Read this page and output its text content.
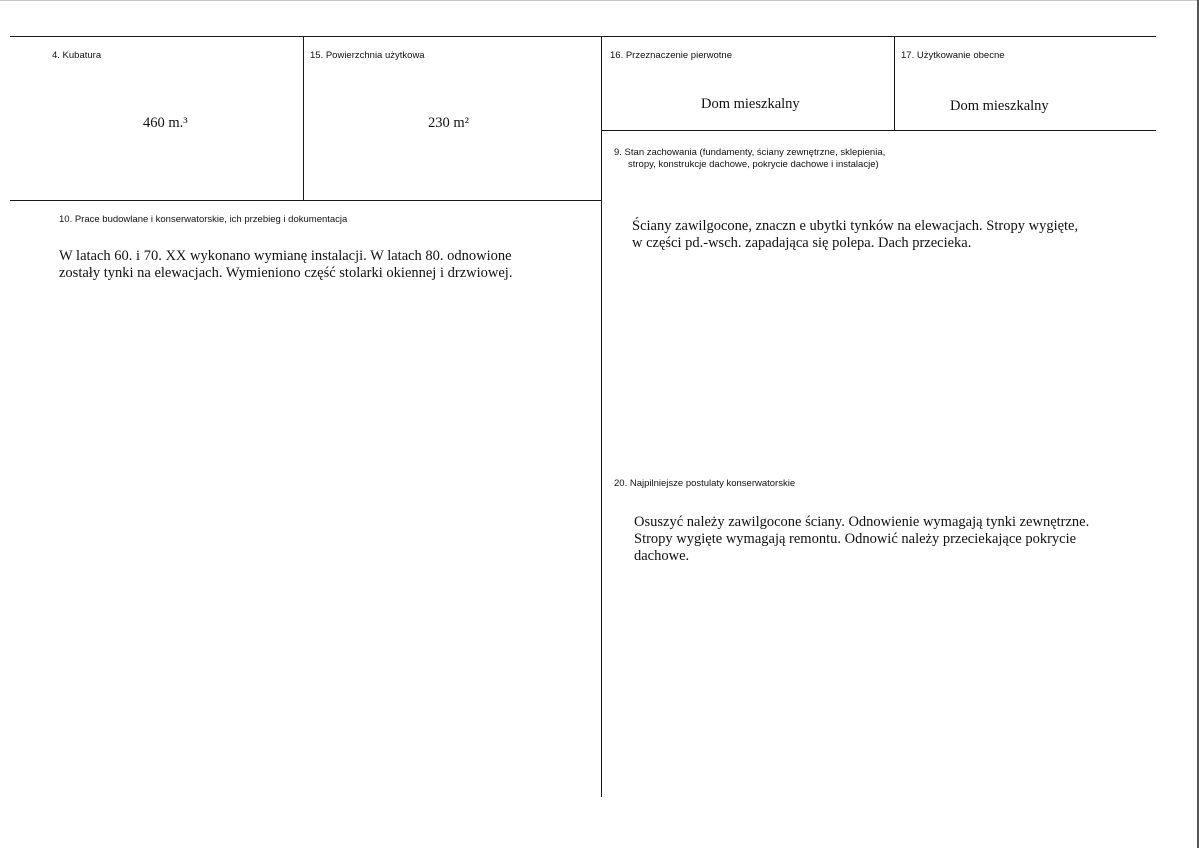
4. Kubatura
460 m.³
15. Powierzchnia użytkowa
230 m²
16. Przeznaczenie pierwotne
Dom mieszkalny
17. Użytkowanie obecne
Dom mieszkalny
9. Stan zachowania (fundamenty, ściany zewnętrzne, sklepienia,
stropy, konstrukcje dachowe, pokrycie dachowe i instalacje)
Ściany zawilgocone, znaczn e ubytki tynków na elewacjach. Stropy wygięte,
w części pd.-wsch. zapadająca się polepa. Dach przecieka.
10. Prace budowlane i konserwatorskie, ich przebieg i dokumentacja
W latach 60. i 70. XX wykonano wymianę instalacji. W latach 80. odnowione
zostały tynki na elewacjach. Wymieniono część stolarki okiennej i drzwiowej.
20. Najpilniejsze postulaty konserwatorskie
Osuszyć należy zawilgocone ściany. Odnowienie wymagają tynki zewnętrzne.
Stropy wygięte wymagają remontu. Odnowić należy przeciekające pokrycie
dachowe.
